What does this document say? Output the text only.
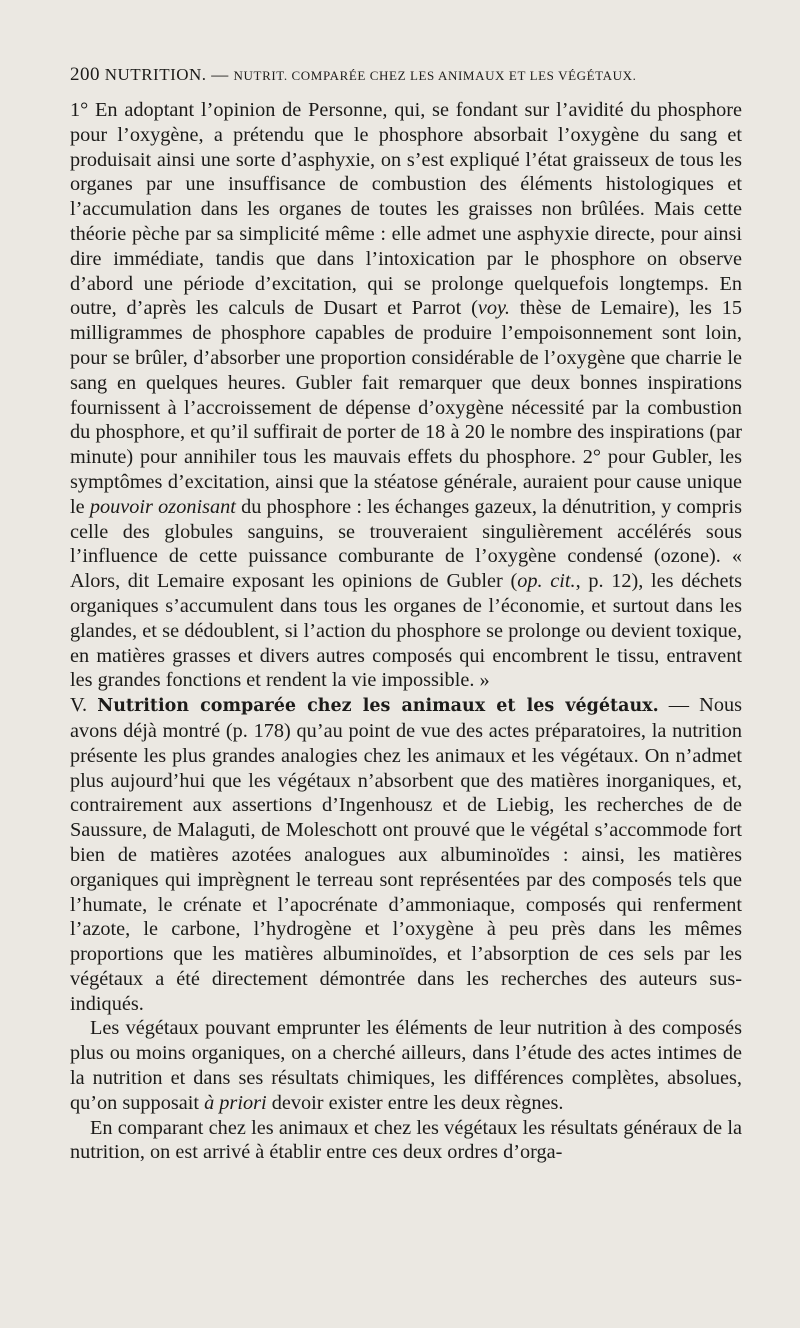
200 NUTRITION. — NUTRIT. COMPARÉE CHEZ LES ANIMAUX ET LES VÉGÉTAUX.

1° En adoptant l’opinion de Personne, qui, se fondant sur l’avidité du phosphore pour l’oxygène, a prétendu que le phosphore absorbait l’oxygène du sang et produisait ainsi une sorte d’asphyxie, on s’est expliqué l’état graisseux de tous les organes par une insuffisance de combustion des éléments histologiques et l’accumulation dans les organes de toutes les graisses non brûlées. Mais cette théorie pèche par sa simplicité même : elle admet une asphyxie directe, pour ainsi dire immédiate, tandis que dans l’intoxication par le phosphore on observe d’abord une période d’excitation, qui se prolonge quelquefois longtemps. En outre, d’après les calculs de Dusart et Parrot (voy. thèse de Lemaire), les 15 milligrammes de phosphore capables de produire l’empoisonnement sont loin, pour se brûler, d’absorber une proportion considérable de l’oxygène que charrie le sang en quelques heures. Gubler fait remarquer que deux bonnes inspirations fournissent à l’accroissement de dépense d’oxygène nécessité par la combustion du phosphore, et qu’il suffirait de porter de 18 à 20 le nombre des inspirations (par minute) pour annihiler tous les mauvais effets du phosphore. 2° pour Gubler, les symptômes d’excitation, ainsi que la stéatose générale, auraient pour cause unique le pouvoir ozonisant du phosphore : les échanges gazeux, la dénutrition, y compris celle des globules sanguins, se trouveraient singulièrement accélérés sous l’influence de cette puissance comburante de l’oxygène condensé (ozone). « Alors, dit Lemaire exposant les opinions de Gubler (op. cit., p. 12), les déchets organiques s’accumulent dans tous les organes de l’économie, et surtout dans les glandes, et se dédoublent, si l’action du phosphore se prolonge ou devient toxique, en matières grasses et divers autres composés qui encombrent le tissu, entravent les grandes fonctions et rendent la vie impossible. »

V. Nutrition comparée chez les animaux et les végétaux. — Nous avons déjà montré (p. 178) qu’au point de vue des actes préparatoires, la nutrition présente les plus grandes analogies chez les animaux et les végétaux. On n’admet plus aujourd’hui que les végétaux n’absorbent que des matières inorganiques, et, contrairement aux assertions d’Ingenhousz et de Liebig, les recherches de de Saussure, de Malaguti, de Moleschott ont prouvé que le végétal s’accommode fort bien de matières azotées analogues aux albuminoïdes : ainsi, les matières organiques qui imprègnent le terreau sont représentées par des composés tels que l’humate, le crénate et l’apocrénate d’ammoniaque, composés qui renferment l’azote, le carbone, l’hydrogène et l’oxygène à peu près dans les mêmes proportions que les matières albuminoïdes, et l’absorption de ces sels par les végétaux a été directement démontrée dans les recherches des auteurs sus-indiqués.

Les végétaux pouvant emprunter les éléments de leur nutrition à des composés plus ou moins organiques, on a cherché ailleurs, dans l’étude des actes intimes de la nutrition et dans ses résultats chimiques, les différences complètes, absolues, qu’on supposait à priori devoir exister entre les deux règnes.

En comparant chez les animaux et chez les végétaux les résultats généraux de la nutrition, on est arrivé à établir entre ces deux ordres d’orga-
